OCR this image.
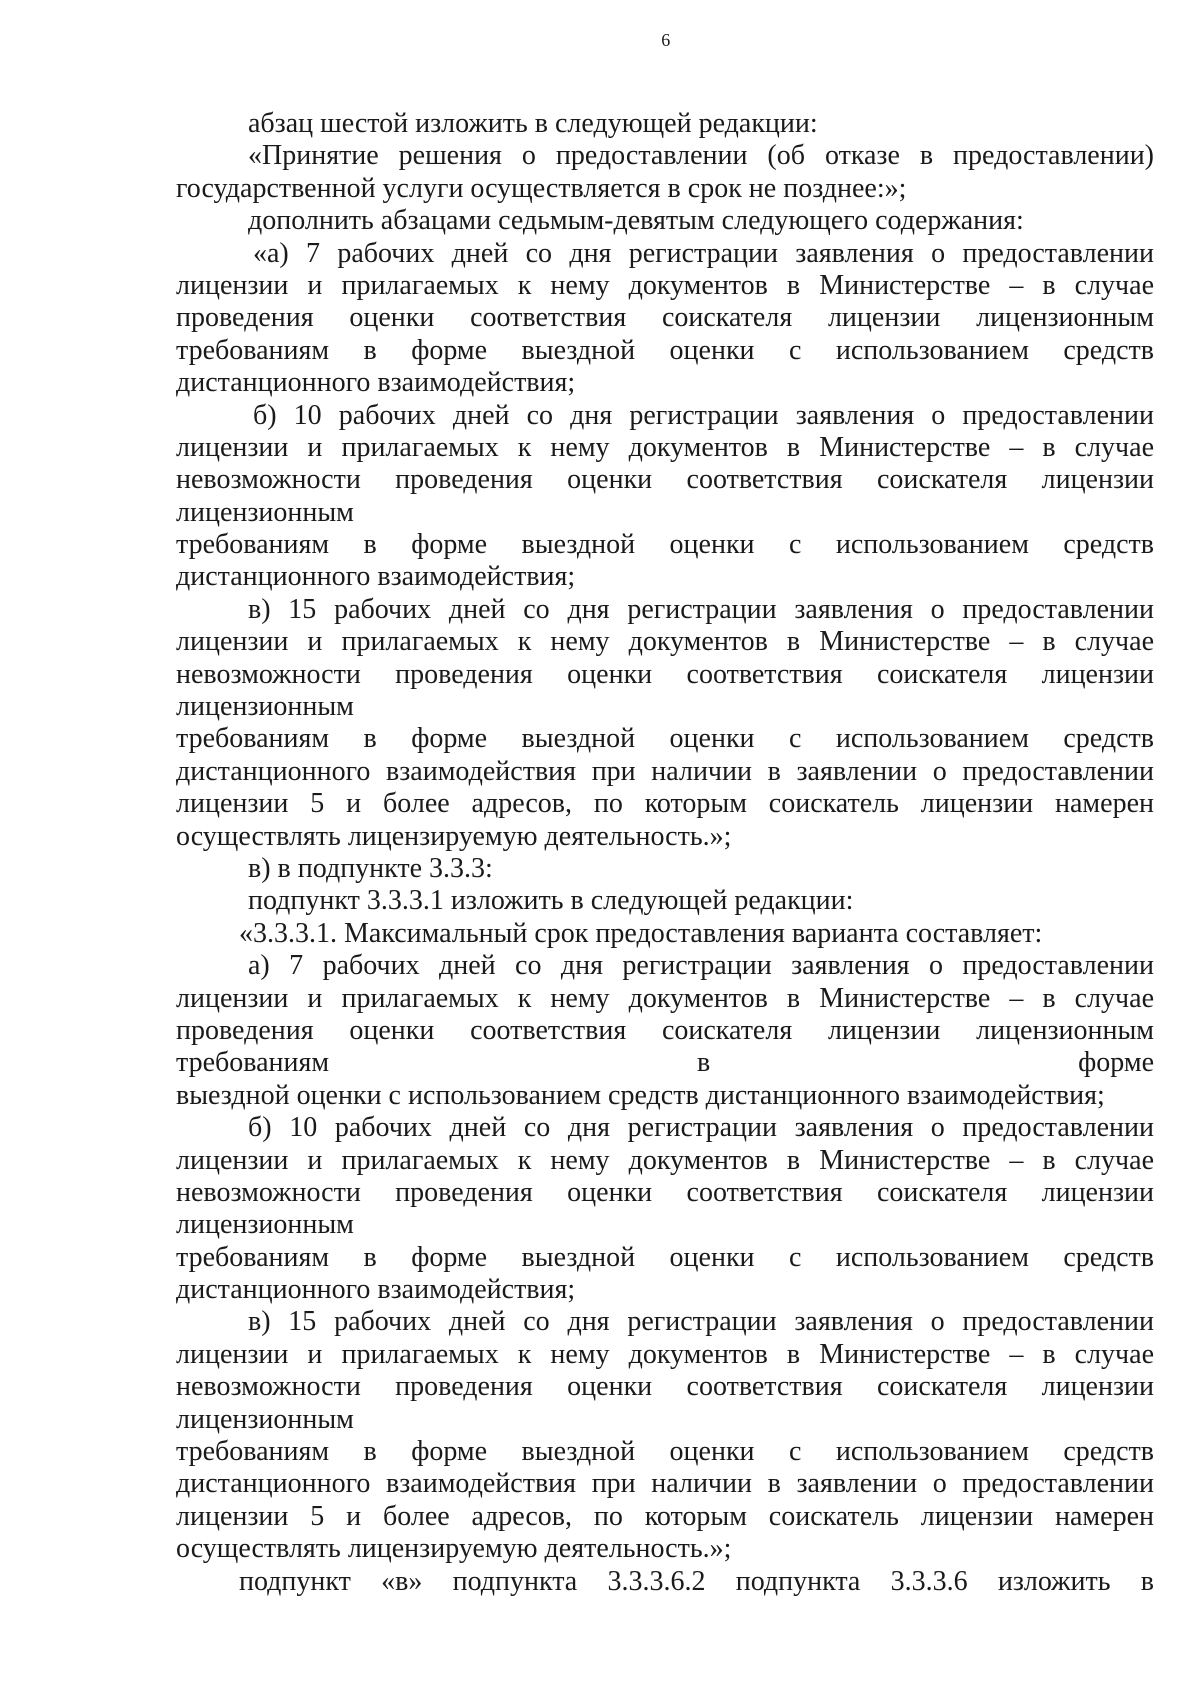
6
абзац шестой изложить в следующей редакции:
«Принятие решения о предоставлении (об отказе в предоставлении)
государственной услуги осуществляется в срок не позднее:»;
дополнить абзацами седьмым-девятым следующего содержания:
«а) 7 рабочих дней со дня регистрации заявления о предоставлении
лицензии и прилагаемых к нему документов в Министерстве – в случае
проведения оценки соответствия соискателя лицензии лицензионным
требованиям в форме выездной оценки с использованием средств
дистанционного взаимодействия;
б) 10 рабочих дней со дня регистрации заявления о предоставлении
лицензии и прилагаемых к нему документов в Министерстве – в случае
невозможности проведения оценки соответствия соискателя лицензии
лицензионным
требованиям в форме выездной оценки с использованием средств
дистанционного взаимодействия;
в) 15 рабочих дней со дня регистрации заявления о предоставлении
лицензии и прилагаемых к нему документов в Министерстве – в случае
невозможности проведения оценки соответствия соискателя лицензии
лицензионным
требованиям в форме выездной оценки с использованием средств
дистанционного взаимодействия при наличии в заявлении о предоставлении
лицензии 5 и более адресов, по которым соискатель лицензии намерен
осуществлять лицензируемую деятельность.»;
в) в подпункте 3.3.3:
подпункт 3.3.3.1 изложить в следующей редакции:
«3.3.3.1. Максимальный срок предоставления варианта составляет:
а) 7 рабочих дней со дня регистрации заявления о предоставлении
лицензии и прилагаемых к нему документов в Министерстве – в случае
проведения оценки соответствия соискателя лицензии лицензионным
требованиям в форме
выездной оценки с использованием средств дистанционного взаимодействия;
б) 10 рабочих дней со дня регистрации заявления о предоставлении
лицензии и прилагаемых к нему документов в Министерстве – в случае
невозможности проведения оценки соответствия соискателя лицензии
лицензионным
требованиям в форме выездной оценки с использованием средств
дистанционного взаимодействия;
в) 15 рабочих дней со дня регистрации заявления о предоставлении
лицензии и прилагаемых к нему документов в Министерстве – в случае
невозможности проведения оценки соответствия соискателя лицензии
лицензионным
требованиям в форме выездной оценки с использованием средств
дистанционного взаимодействия при наличии в заявлении о предоставлении
лицензии 5 и более адресов, по которым соискатель лицензии намерен
осуществлять лицензируемую деятельность.»;
подпункт «в» подпункта 3.3.3.6.2 подпункта 3.3.3.6 изложить в
